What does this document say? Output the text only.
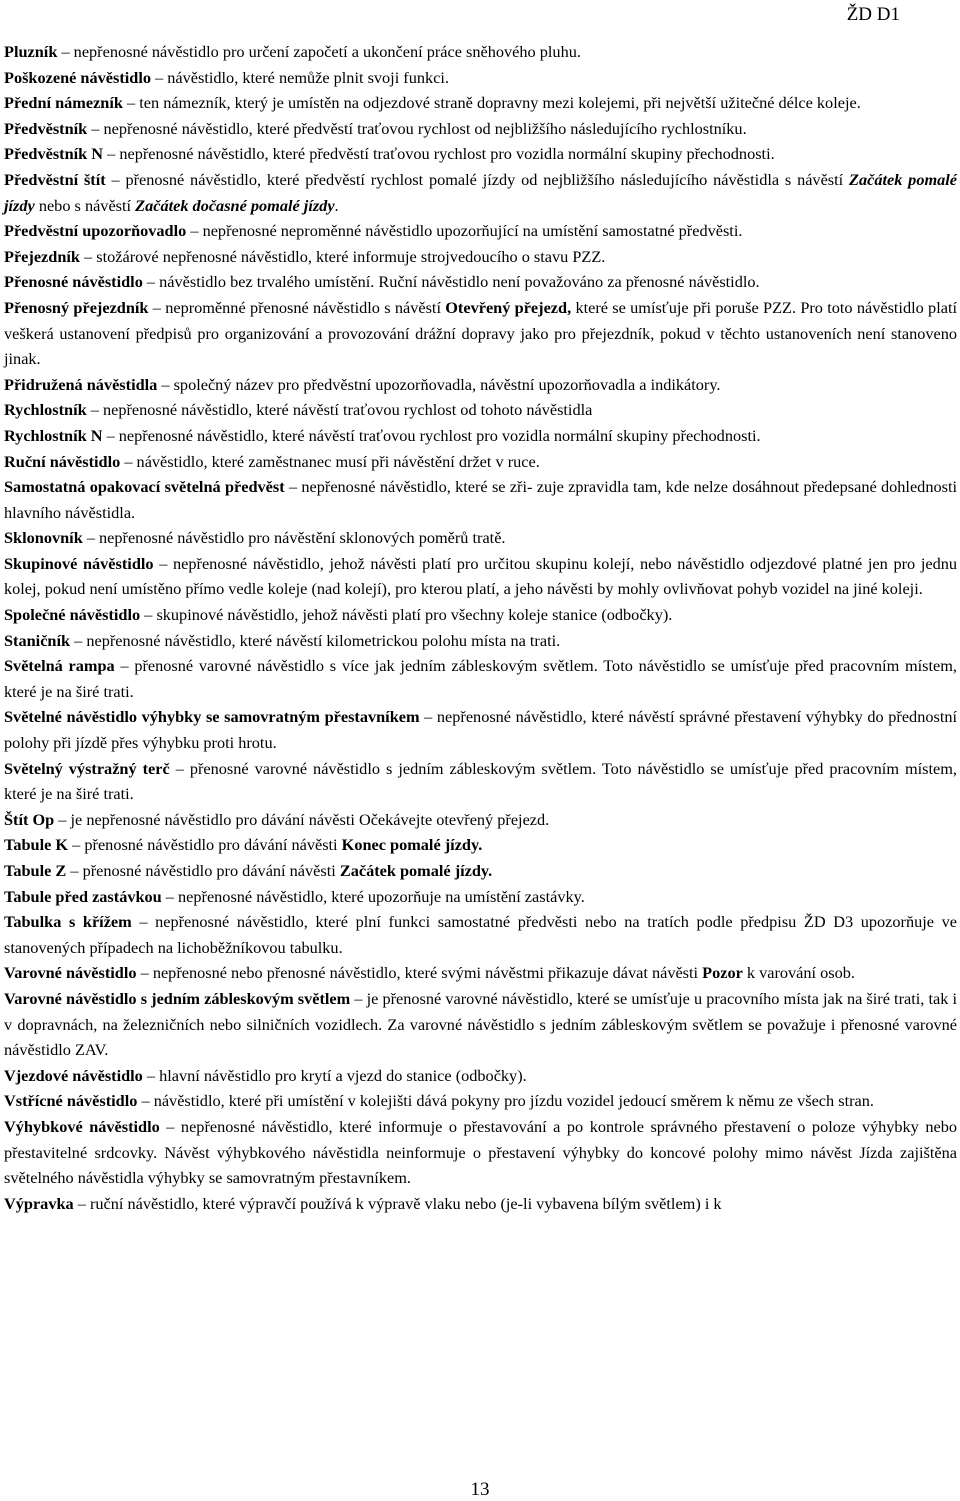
ŽD D1

Pluzník – nepřenosné návěstidlo pro určení započetí a ukončení práce sněhového pluhu.

Poškozené návěstidlo – návěstidlo, které nemůže plnit svoji funkci.

Přední námezník – ten námezník, který je umístěn na odjezdové straně dopravny mezi kolejemi, při největší užitečné délce koleje.

Předvěstník – nepřenosné návěstidlo, které předvěstí traťovou rychlost od nejbližšího následujícího rychlostníku.

Předvěstník N – nepřenosné návěstidlo, které předvěstí traťovou rychlost pro vozidla normální skupiny přechodnosti.

Předvěstní štít – přenosné návěstidlo, které předvěstí rychlost pomalé jízdy od nejbližšího následujícího návěstidla s návěstí Začátek pomalé jízdy nebo s návěstí Začátek dočasné pomalé jízdy.

Předvěstní upozorňovadlo – nepřenosné neproměnné návěstidlo upozorňující na umístění samostatné předvěsti.

Přejezdník – stožárové nepřenosné návěstidlo, které informuje strojvedoucího o stavu PZZ.

Přenosné návěstidlo – návěstidlo bez trvalého umístění. Ruční návěstidlo není považováno za přenosné návěstidlo.

Přenosný přejezdník – neproměnné přenosné návěstidlo s návěstí Otevřený přejezd, které se umísťuje při poruše PZZ. Pro toto návěstidlo platí veškerá ustanovení předpisů pro organizování a provozování drážní dopravy jako pro přejezdník, pokud v těchto ustanoveních není stanoveno jinak.

Přidružená návěstidla – společný název pro předvěstní upozorňovadla, návěstní upozorňovadla a indikátory.

Rychlostník – nepřenosné návěstidlo, které návěstí traťovou rychlost od tohoto návěstidla

Rychlostník N – nepřenosné návěstidlo, které návěstí traťovou rychlost pro vozidla normální skupiny přechodnosti.

Ruční návěstidlo – návěstidlo, které zaměstnanec musí při návěstění držet v ruce.

Samostatná opakovací světelná předvěst – nepřenosné návěstidlo, které se zři- zuje zpravidla tam, kde nelze dosáhnout předepsané dohlednosti hlavního návěstidla.

Sklonovník – nepřenosné návěstidlo pro návěstění sklonových poměrů tratě.

Skupinové návěstidlo – nepřenosné návěstidlo, jehož návěsti platí pro určitou skupinu kolejí, nebo návěstidlo odjezdové platné jen pro jednu kolej, pokud není umístěno přímo vedle koleje (nad kolejí), pro kterou platí, a jeho návěsti by mohly ovlivňovat pohyb vozidel na jiné koleji.

Společné návěstidlo – skupinové návěstidlo, jehož návěsti platí pro všechny koleje stanice (odbočky).

Staničník – nepřenosné návěstidlo, které návěstí kilometrickou polohu místa na trati.

Světelná rampa – přenosné varovné návěstidlo s více jak jedním zábleskovým světlem. Toto návěstidlo se umísťuje před pracovním místem, které je na širé trati.

Světelné návěstidlo výhybky se samovratným přestavníkem – nepřenosné návěstidlo, které návěstí správné přestavení výhybky do přednostní polohy při jízdě přes výhybku proti hrotu.

Světelný výstražný terč – přenosné varovné návěstidlo s jedním zábleskovým světlem. Toto návěstidlo se umísťuje před pracovním místem, které je na širé trati.

Štít Op – je nepřenosné návěstidlo pro dávání návěsti Očekávejte otevřený přejezd.

Tabule K – přenosné návěstidlo pro dávání návěsti Konec pomalé jízdy.

Tabule Z – přenosné návěstidlo pro dávání návěsti Začátek pomalé jízdy.

Tabule před zastávkou – nepřenosné návěstidlo, které upozorňuje na umístění zastávky.

Tabulka s křížem – nepřenosné návěstidlo, které plní funkci samostatné předvěsti nebo na tratích podle předpisu ŽD D3 upozorňuje ve stanovených případech na lichoběžníkovou tabulku.

Varovné návěstidlo – nepřenosné nebo přenosné návěstidlo, které svými návěstmi přikazuje dávat návěsti Pozor k varování osob.

Varovné návěstidlo s jedním zábleskovým světlem – je přenosné varovné návěstidlo, které se umísťuje u pracovního místa jak na širé trati, tak i v dopravnách, na železničních nebo silničních vozidlech. Za varovné návěstidlo s jedním zábleskovým světlem se považuje i přenosné varovné návěstidlo ZAV.

Vjezdové návěstidlo – hlavní návěstidlo pro krytí a vjezd do stanice (odbočky).

Vstřícné návěstidlo – návěstidlo, které při umístění v kolejišti dává pokyny pro jízdu vozidel jedoucí směrem k němu ze všech stran.

Výhybkové návěstidlo – nepřenosné návěstidlo, které informuje o přestavování a po kontrole správného přestavení o poloze výhybky nebo přestavitelné srdcovky. Návěst výhybkového návěstidla neinformuje o přestavení výhybky do koncové polohy mimo návěst Jízda zajištěna světelného návěstidla výhybky se samovratným přestavníkem.

Výpravka – ruční návěstidlo, které výpravčí používá k výpravě vlaku nebo (je-li vybavena bílým světlem) i k

13
